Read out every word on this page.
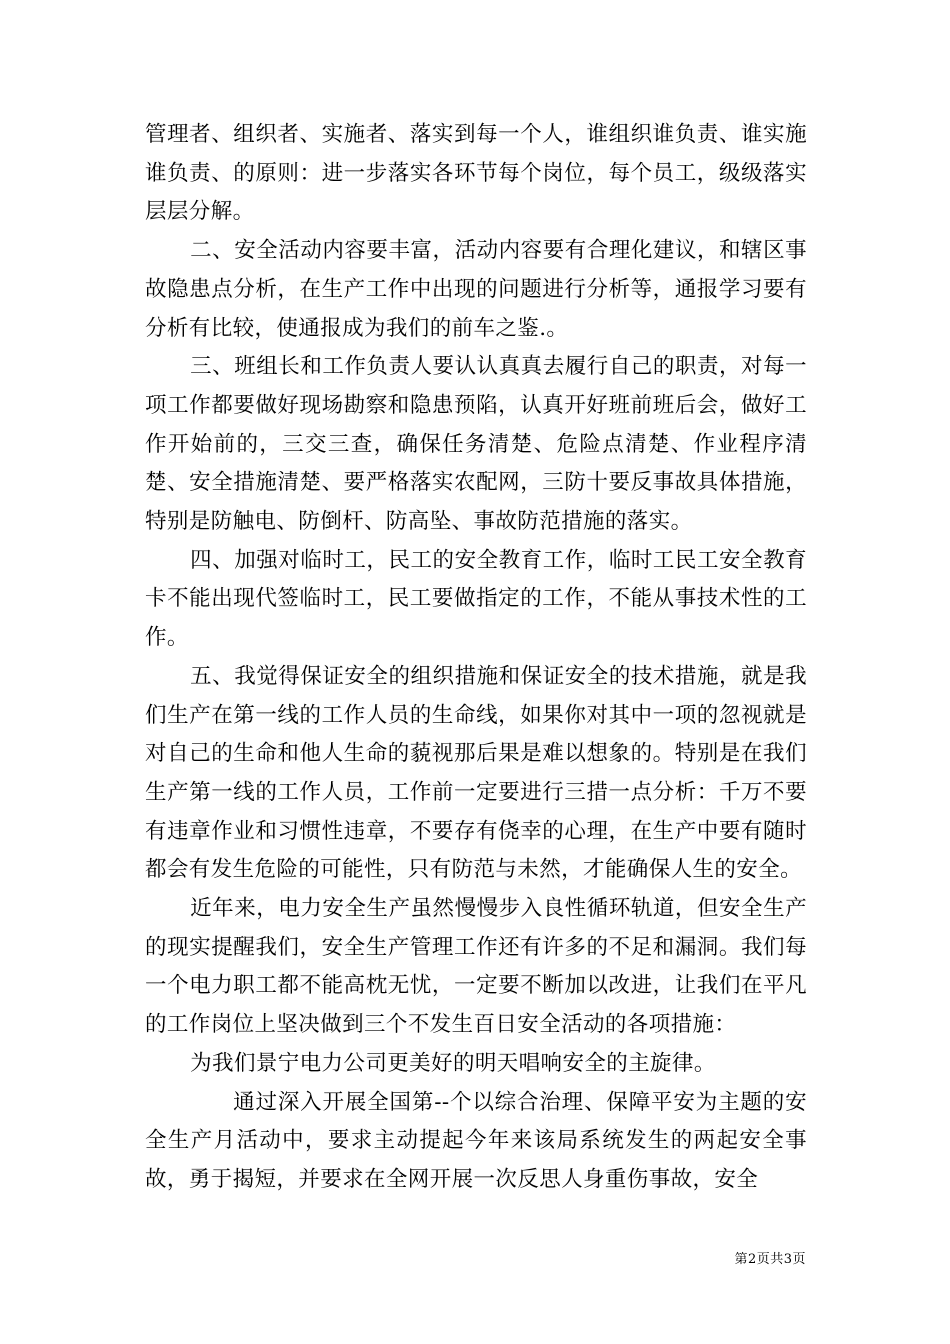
管理者、组织者、实施者、落实到每一个人，谁组织谁负责、谁实施谁负责、的原则：进一步落实各环节每个岗位，每个员工，级级落实层层分解。

二、安全活动内容要丰富，活动内容要有合理化建议，和辖区事故隐患点分析，在生产工作中出现的问题进行分析等，通报学习要有分析有比较，使通报成为我们的前车之鉴.。

三、班组长和工作负责人要认认真真去履行自己的职责，对每一项工作都要做好现场勘察和隐患预陷，认真开好班前班后会，做好工作开始前的，三交三查，确保任务清楚、危险点清楚、作业程序清楚、安全措施清楚、要严格落实农配网，三防十要反事故具体措施，特别是防触电、防倒杆、防高坠、事故防范措施的落实。

四、加强对临时工，民工的安全教育工作，临时工民工安全教育卡不能出现代签临时工，民工要做指定的工作，不能从事技术性的工作。

五、我觉得保证安全的组织措施和保证安全的技术措施，就是我们生产在第一线的工作人员的生命线，如果你对其中一项的忽视就是对自己的生命和他人生命的藐视那后果是难以想象的。特别是在我们生产第一线的工作人员，工作前一定要进行三措一点分析：千万不要有违章作业和习惯性违章，不要存有侥幸的心理，在生产中要有随时都会有发生危险的可能性，只有防范与未然，才能确保人生的安全。

近年来，电力安全生产虽然慢慢步入良性循环轨道，但安全生产的现实提醒我们，安全生产管理工作还有许多的不足和漏洞。我们每一个电力职工都不能高枕无忧，一定要不断加以改进，让我们在平凡的工作岗位上坚决做到三个不发生百日安全活动的各项措施：

为我们景宁电力公司更美好的明天唱响安全的主旋律。

通过深入开展全国第--个以综合治理、保障平安为主题的安全生产月活动中，要求主动提起今年来该局系统发生的两起安全事故，勇于揭短，并要求在全网开展一次反思人身重伤事故，安全

第2页共3页
